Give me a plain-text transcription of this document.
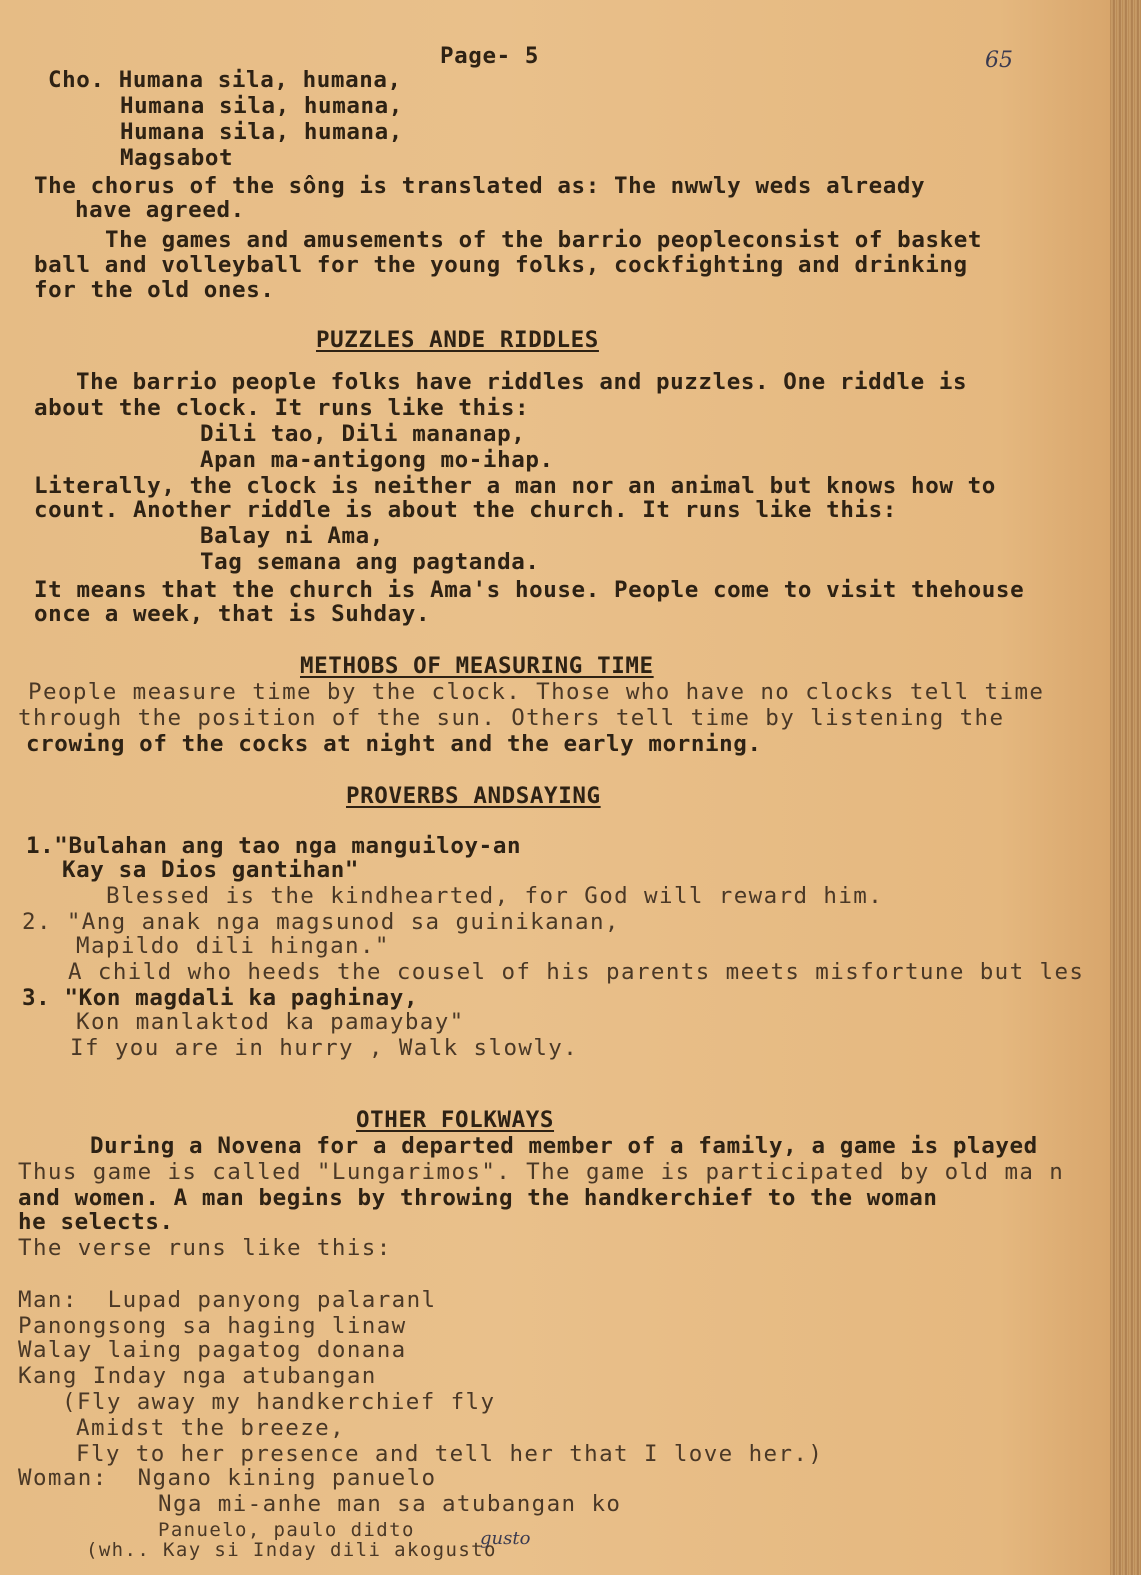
Page- 5	65
Cho. Humana sila, humana,
Humana sila, humana,
Humana sila, humana,
Magsabot
The chorus of the sông is translated as: The nwwly weds already
have agreed.
The games and amusements of the barrio peopleconsist of basket
ball and volleyball for the young folks, cockfighting and drinking
for the old ones.
PUZZLES ANDE RIDDLES
The barrio people folks have riddles and puzzles. One riddle is
about the clock. It runs like this:
Dili tao, Dili mananap,
Apan ma-antigong mo-ihap.
Literally, the clock is neither a man nor an animal but knows how to
count. Another riddle is about the church. It runs like this:
Balay ni Ama,
Tag semana ang pagtanda.
It means that the church is Ama's house. People come to visit thehouse
once a week, that is Suhday.
METHOBS OF MEASURING TIME
People measure time by the clock. Those who have no clocks tell time
through the position of the sun. Others tell time by listening the
crowing of the cocks at night and the early morning.
PROVERBS ANDSAYING
1."Bulahan ang tao nga manguiloy-an
Kay sa Dios gantihan"
Blessed is the kindhearted, for God will reward him.
2. "Ang anak nga magsunod sa guinikanan,
Mapildo dili hingan."
A child who heeds the cousel of his parents meets misfortune but les
3. "Kon magdali ka paghinay,
Kon manlaktod ka pamaybay"
If you are in hurry , Walk slowly.
OTHER FOLKWAYS
During a Novena for a departed member of a family, a game is played
Thus game is called "Lungarimos". The game is participated by old ma n
and women. A man begins by throwing the handkerchief to the woman
he selects.
The verse runs like this:
Man:  Lupad panyong palaranl
Panongsong sa haging linaw
Walay laing pagatog donana
Kang Inday nga atubangan
(Fly away my handkerchief fly
Amidst the breeze,
Fly to her presence and tell her that I love her.)
Woman:  Ngano kining panuelo
Nga mi-anhe man sa atubangan ko
Panuelo, paulo didto
(wh.. Kay si Inday dili akogusto
gusto
